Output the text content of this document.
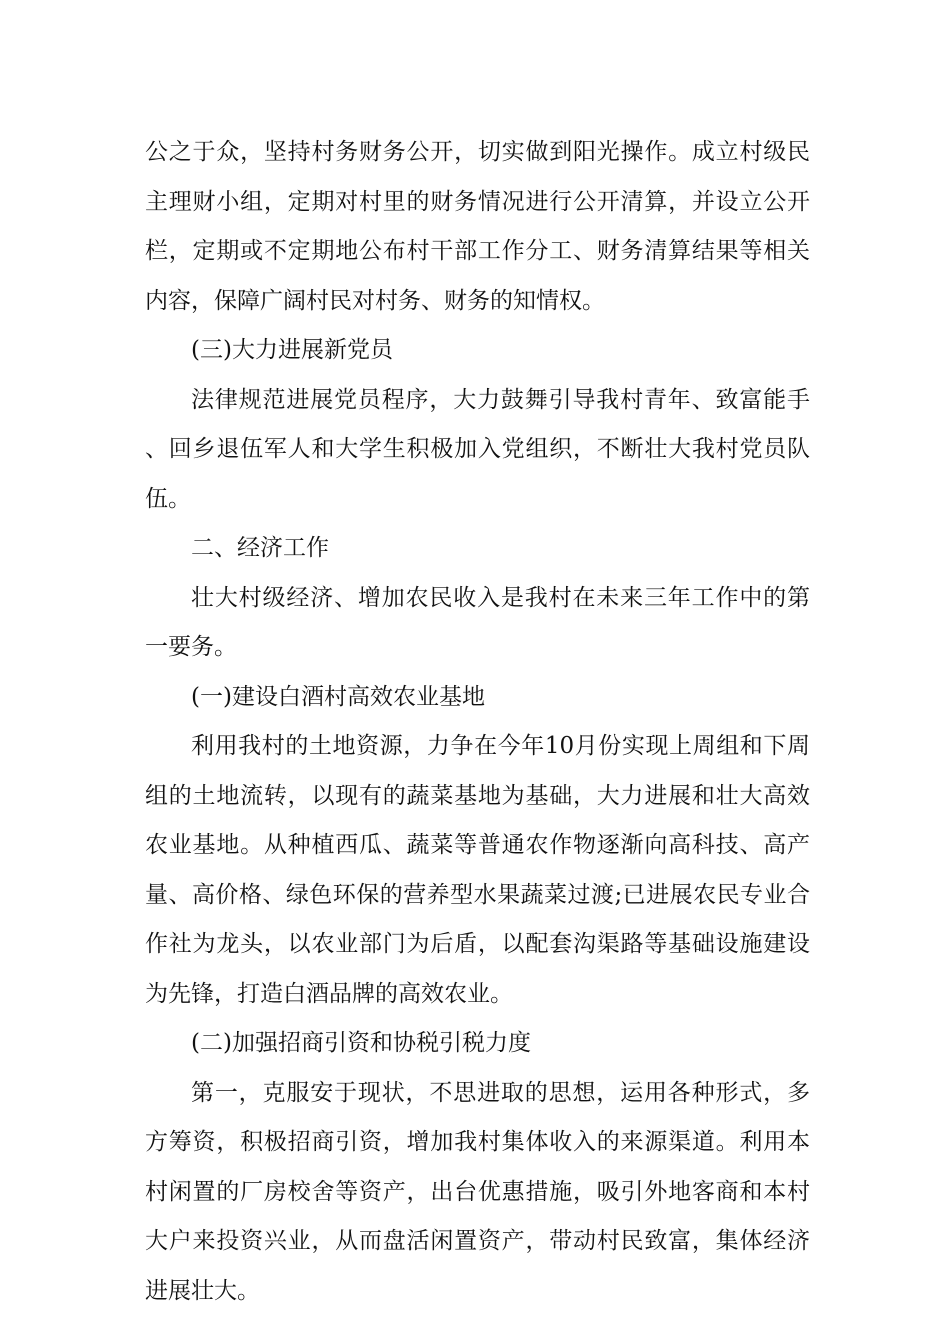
公之于众，坚持村务财务公开，切实做到阳光操作。成立村级民主理财小组，定期对村里的财务情况进行公开清算，并设立公开栏，定期或不定期地公布村干部工作分工、财务清算结果等相关内容，保障广阔村民对村务、财务的知情权。

(三)大力进展新党员

法律规范进展党员程序，大力鼓舞引导我村青年、致富能手、回乡退伍军人和大学生积极加入党组织，不断壮大我村党员队伍。

二、经济工作

壮大村级经济、增加农民收入是我村在未来三年工作中的第一要务。

(一)建设白酒村高效农业基地

利用我村的土地资源，力争在今年10月份实现上周组和下周组的土地流转，以现有的蔬菜基地为基础，大力进展和壮大高效农业基地。从种植西瓜、蔬菜等普通农作物逐渐向高科技、高产量、高价格、绿色环保的营养型水果蔬菜过渡;已进展农民专业合作社为龙头，以农业部门为后盾，以配套沟渠路等基础设施建设为先锋，打造白酒品牌的高效农业。

(二)加强招商引资和协税引税力度

第一，克服安于现状，不思进取的思想，运用各种形式，多方筹资，积极招商引资，增加我村集体收入的来源渠道。利用本村闲置的厂房校舍等资产，出台优惠措施，吸引外地客商和本村大户来投资兴业，从而盘活闲置资产，带动村民致富，集体经济进展壮大。
